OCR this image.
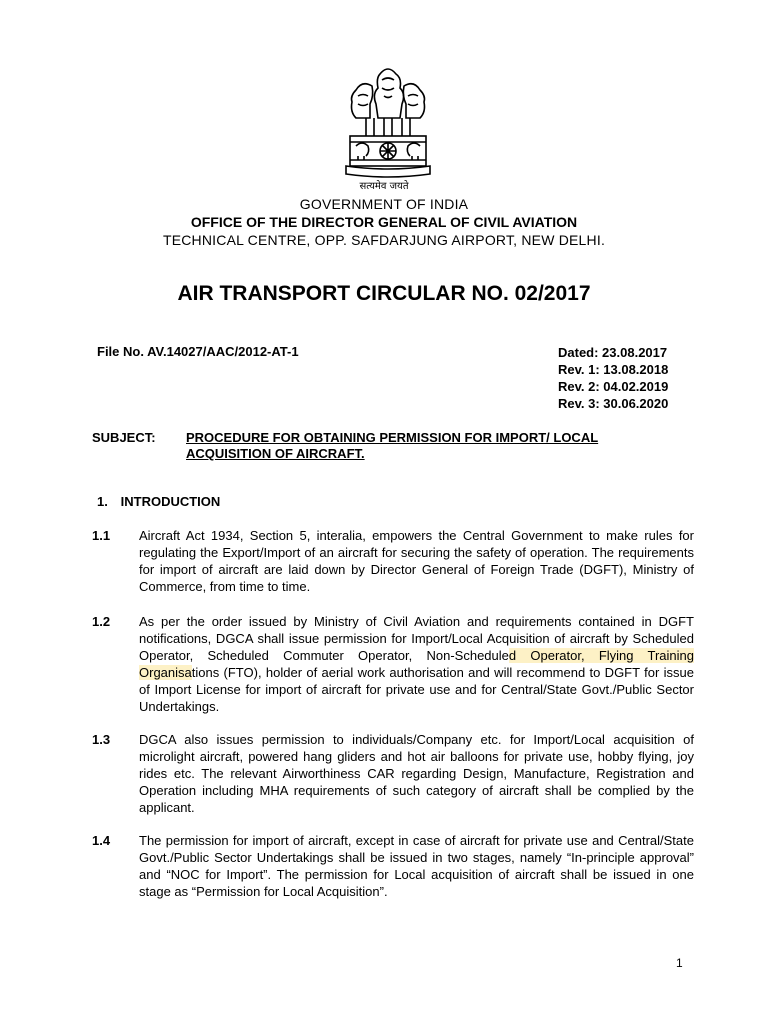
सत्यमेव जयते
GOVERNMENT OF INDIA
OFFICE OF THE DIRECTOR GENERAL OF CIVIL AVIATION
TECHNICAL CENTRE, OPP. SAFDARJUNG AIRPORT, NEW DELHI.
AIR TRANSPORT CIRCULAR NO. 02/2017
File No. AV.14027/AAC/2012-AT-1	Dated: 23.08.2017
Rev. 1: 13.08.2018
Rev. 2: 04.02.2019
Rev. 3: 30.06.2020
SUBJECT: PROCEDURE FOR OBTAINING PERMISSION FOR IMPORT/ LOCAL ACQUISITION OF AIRCRAFT.
1. INTRODUCTION
1.1 Aircraft Act 1934, Section 5, interalia, empowers the Central Government to make rules for regulating the Export/Import of an aircraft for securing the safety of operation. The requirements for import of aircraft are laid down by Director General of Foreign Trade (DGFT), Ministry of Commerce, from time to time.
1.2 As per the order issued by Ministry of Civil Aviation and requirements contained in DGFT notifications, DGCA shall issue permission for Import/Local Acquisition of aircraft by Scheduled Operator, Scheduled Commuter Operator, Non-Scheduled Operator, Flying Training Organisations (FTO), holder of aerial work authorisation and will recommend to DGFT for issue of Import License for import of aircraft for private use and for Central/State Govt./Public Sector Undertakings.
1.3 DGCA also issues permission to individuals/Company etc. for Import/Local acquisition of microlight aircraft, powered hang gliders and hot air balloons for private use, hobby flying, joy rides etc. The relevant Airworthiness CAR regarding Design, Manufacture, Registration and Operation including MHA requirements of such category of aircraft shall be complied by the applicant.
1.4 The permission for import of aircraft, except in case of aircraft for private use and Central/State Govt./Public Sector Undertakings shall be issued in two stages, namely “In-principle approval” and “NOC for Import”. The permission for Local acquisition of aircraft shall be issued in one stage as “Permission for Local Acquisition”.
1
